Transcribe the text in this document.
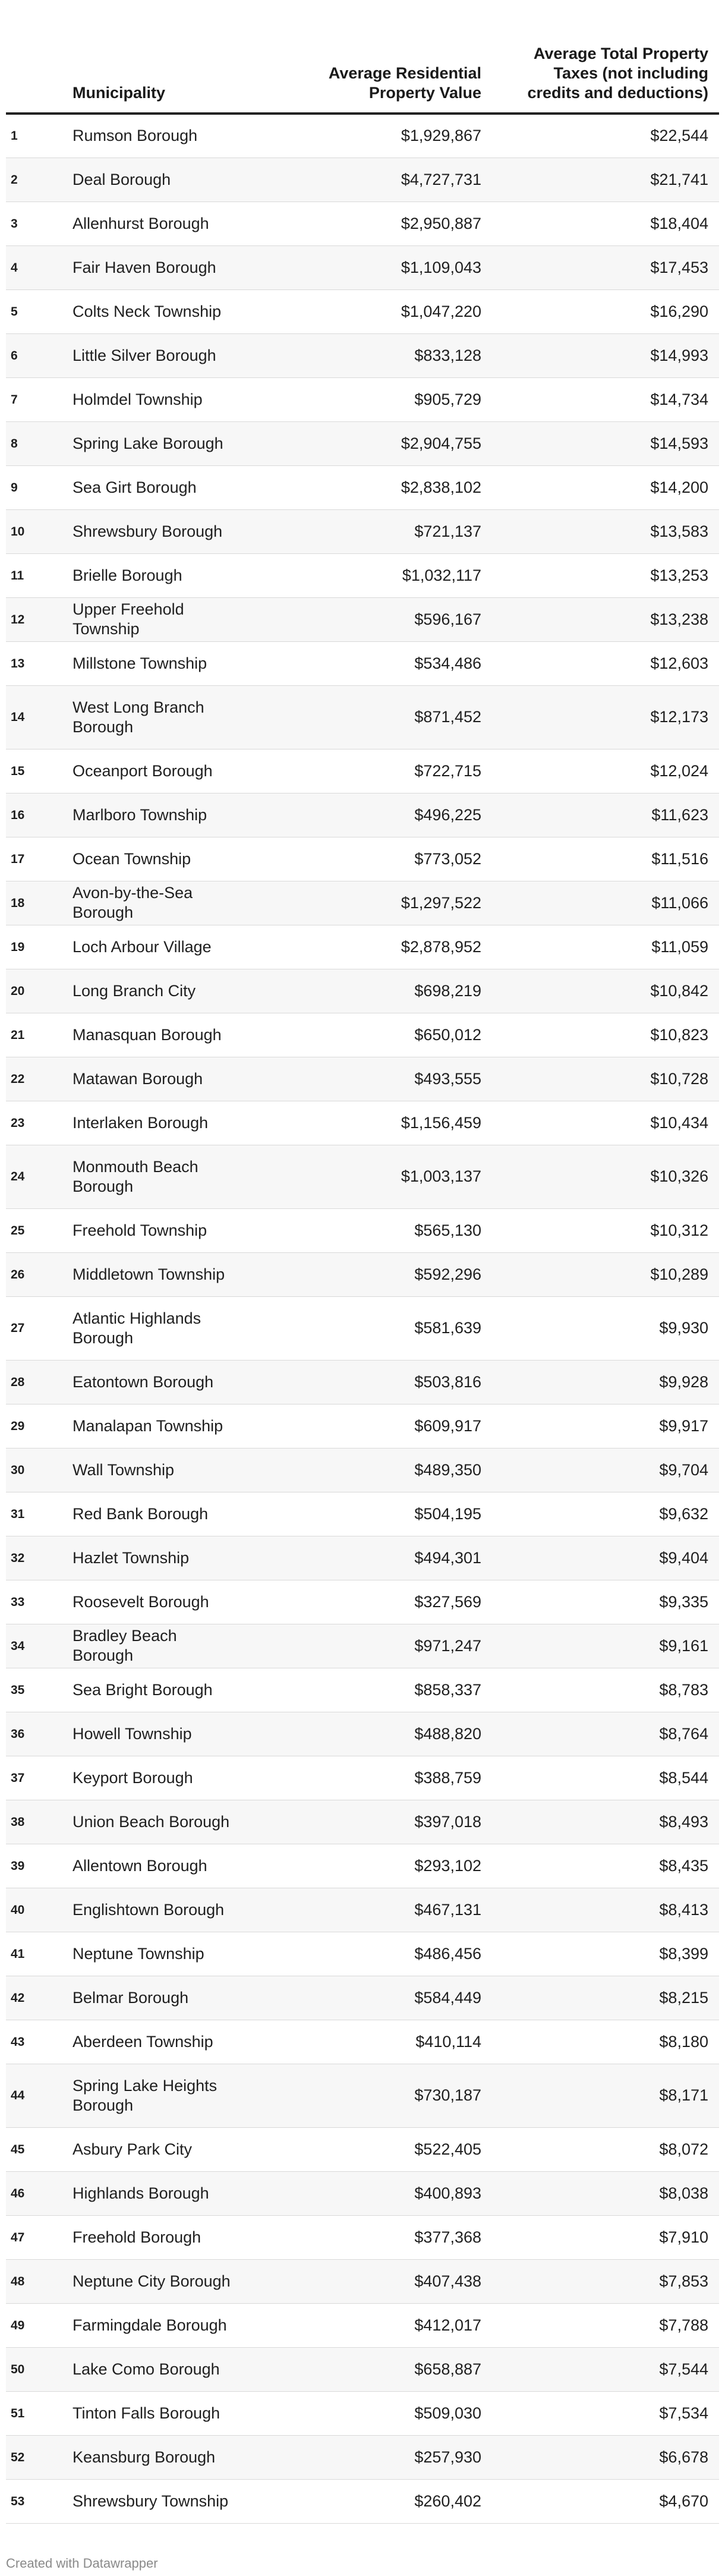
	Municipality	Average Residential Property Value	Average Total Property Taxes (not including credits and deductions)
1	Rumson Borough	$1,929,867	$22,544
2	Deal Borough	$4,727,731	$21,741
3	Allenhurst Borough	$2,950,887	$18,404
4	Fair Haven Borough	$1,109,043	$17,453
5	Colts Neck Township	$1,047,220	$16,290
6	Little Silver Borough	$833,128	$14,993
7	Holmdel Township	$905,729	$14,734
8	Spring Lake Borough	$2,904,755	$14,593
9	Sea Girt Borough	$2,838,102	$14,200
10	Shrewsbury Borough	$721,137	$13,583
11	Brielle Borough	$1,032,117	$13,253
12	Upper Freehold Township	$596,167	$13,238
13	Millstone Township	$534,486	$12,603
14	West Long Branch Borough	$871,452	$12,173
15	Oceanport Borough	$722,715	$12,024
16	Marlboro Township	$496,225	$11,623
17	Ocean Township	$773,052	$11,516
18	Avon-by-the-Sea Borough	$1,297,522	$11,066
19	Loch Arbour Village	$2,878,952	$11,059
20	Long Branch City	$698,219	$10,842
21	Manasquan Borough	$650,012	$10,823
22	Matawan Borough	$493,555	$10,728
23	Interlaken Borough	$1,156,459	$10,434
24	Monmouth Beach Borough	$1,003,137	$10,326
25	Freehold Township	$565,130	$10,312
26	Middletown Township	$592,296	$10,289
27	Atlantic Highlands Borough	$581,639	$9,930
28	Eatontown Borough	$503,816	$9,928
29	Manalapan Township	$609,917	$9,917
30	Wall Township	$489,350	$9,704
31	Red Bank Borough	$504,195	$9,632
32	Hazlet Township	$494,301	$9,404
33	Roosevelt Borough	$327,569	$9,335
34	Bradley Beach Borough	$971,247	$9,161
35	Sea Bright Borough	$858,337	$8,783
36	Howell Township	$488,820	$8,764
37	Keyport Borough	$388,759	$8,544
38	Union Beach Borough	$397,018	$8,493
39	Allentown Borough	$293,102	$8,435
40	Englishtown Borough	$467,131	$8,413
41	Neptune Township	$486,456	$8,399
42	Belmar Borough	$584,449	$8,215
43	Aberdeen Township	$410,114	$8,180
44	Spring Lake Heights Borough	$730,187	$8,171
45	Asbury Park City	$522,405	$8,072
46	Highlands Borough	$400,893	$8,038
47	Freehold Borough	$377,368	$7,910
48	Neptune City Borough	$407,438	$7,853
49	Farmingdale Borough	$412,017	$7,788
50	Lake Como Borough	$658,887	$7,544
51	Tinton Falls Borough	$509,030	$7,534
52	Keansburg Borough	$257,930	$6,678
53	Shrewsbury Township	$260,402	$4,670
Created with Datawrapper
